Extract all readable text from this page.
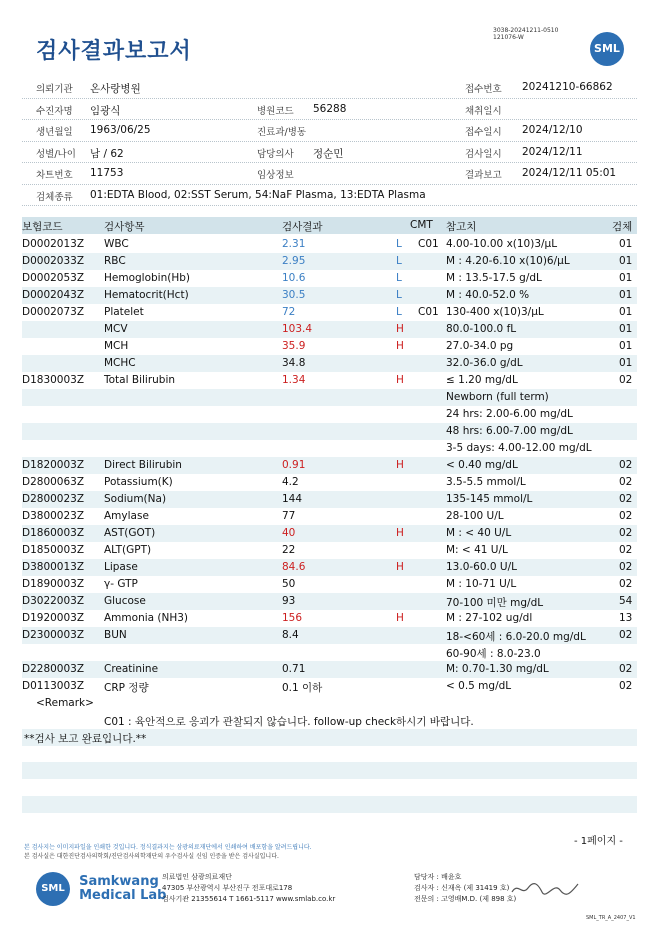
검사결과보고서
3038-20241211-0510
121076-W
SML
의뢰기관 온사랑병원	접수번호 20241210-66862
수진자명 임광식	병원코드 56288	채취일시
생년월일 1963/06/25	진료과/병동	접수일시 2024/12/10
성별/나이 남 / 62	담당의사 정순민	검사일시 2024/12/11
차트번호 11753	임상정보	결과보고 2024/12/11 05:01
검체종류 01:EDTA Blood, 02:SST Serum, 54:NaF Plasma, 13:EDTA Plasma
보험코드	검사항목	검사결과	CMT 참고치	검체
D0002013Z WBC	2.31	L C01 4.00-10.00 x(10)3/μL	01
D0002033Z RBC	2.95	L	M : 4.20-6.10 x(10)6/μL	01
D0002053Z Hemoglobin(Hb)	10.6	L	M : 13.5-17.5 g/dL	01
D0002043Z Hematocrit(Hct)	30.5	L	M : 40.0-52.0 %	01
D0002073Z Platelet	72	L C01 130-400 x(10)3/μL	01
MCV	103.4	H	80.0-100.0 fL	01
MCH	35.9	H	27.0-34.0 pg	01
MCHC	34.8	32.0-36.0 g/dL	01
D1830003Z Total Bilirubin	1.34	H	≤ 1.20 mg/dL	02
Newborn (full term)
24 hrs: 2.00-6.00 mg/dL
48 hrs: 6.00-7.00 mg/dL
3-5 days: 4.00-12.00 mg/dL
D1820003Z Direct Bilirubin	0.91	H	< 0.40 mg/dL	02
D2800063Z Potassium(K)	4.2	3.5-5.5 mmol/L	02
D2800023Z Sodium(Na)	144	135-145 mmol/L	02
D3800023Z Amylase	77	28-100 U/L	02
D1860003Z AST(GOT)	40	H	M : < 40 U/L	02
D1850003Z ALT(GPT)	22	M: < 41 U/L	02
D3800013Z Lipase	84.6	H	13.0-60.0 U/L	02
D1890003Z γ- GTP	50	M : 10-71 U/L	02
D3022003Z Glucose	93	70-100 미만 mg/dL	54
D1920003Z Ammonia (NH3)	156	H	M : 27-102 ug/dl	13
D2300003Z BUN	8.4	18-<60세 : 6.0-20.0 mg/dL	02
60-90세 : 8.0-23.0
D2280003Z Creatinine	0.71	M: 0.70-1.30 mg/dL	02
D0113003Z CRP 정량	0.1 이하	< 0.5 mg/dL	02
<Remark>
C01 : 육안적으로 응괴가 관찰되지 않습니다. follow-up check하시기 바랍니다.
**검사 보고 완료입니다.**
본 검사지는 이미지파일을 인쇄한 것입니다. 정식결과지는 삼광의료재단에서 인쇄하여 배포함을 알려드립니다.
본 검사실은 대한진단검사의학회/진단검사의학재단의 우수검사실 신임 인증을 받은 검사실입니다.
- 1페이지 -
SML Samkwang
Medical Lab
의료법인 삼광의료재단
47305 부산광역시 부산진구 전포대로178
검사기관 21355614 T 1661-5117 www.smlab.co.kr
담당자 : 배윤호
검사자 : 신재옥 (제 31419 호)
전문의 : 고영배M.D. (제 898 호)
SML_TR_A_2407_V1
